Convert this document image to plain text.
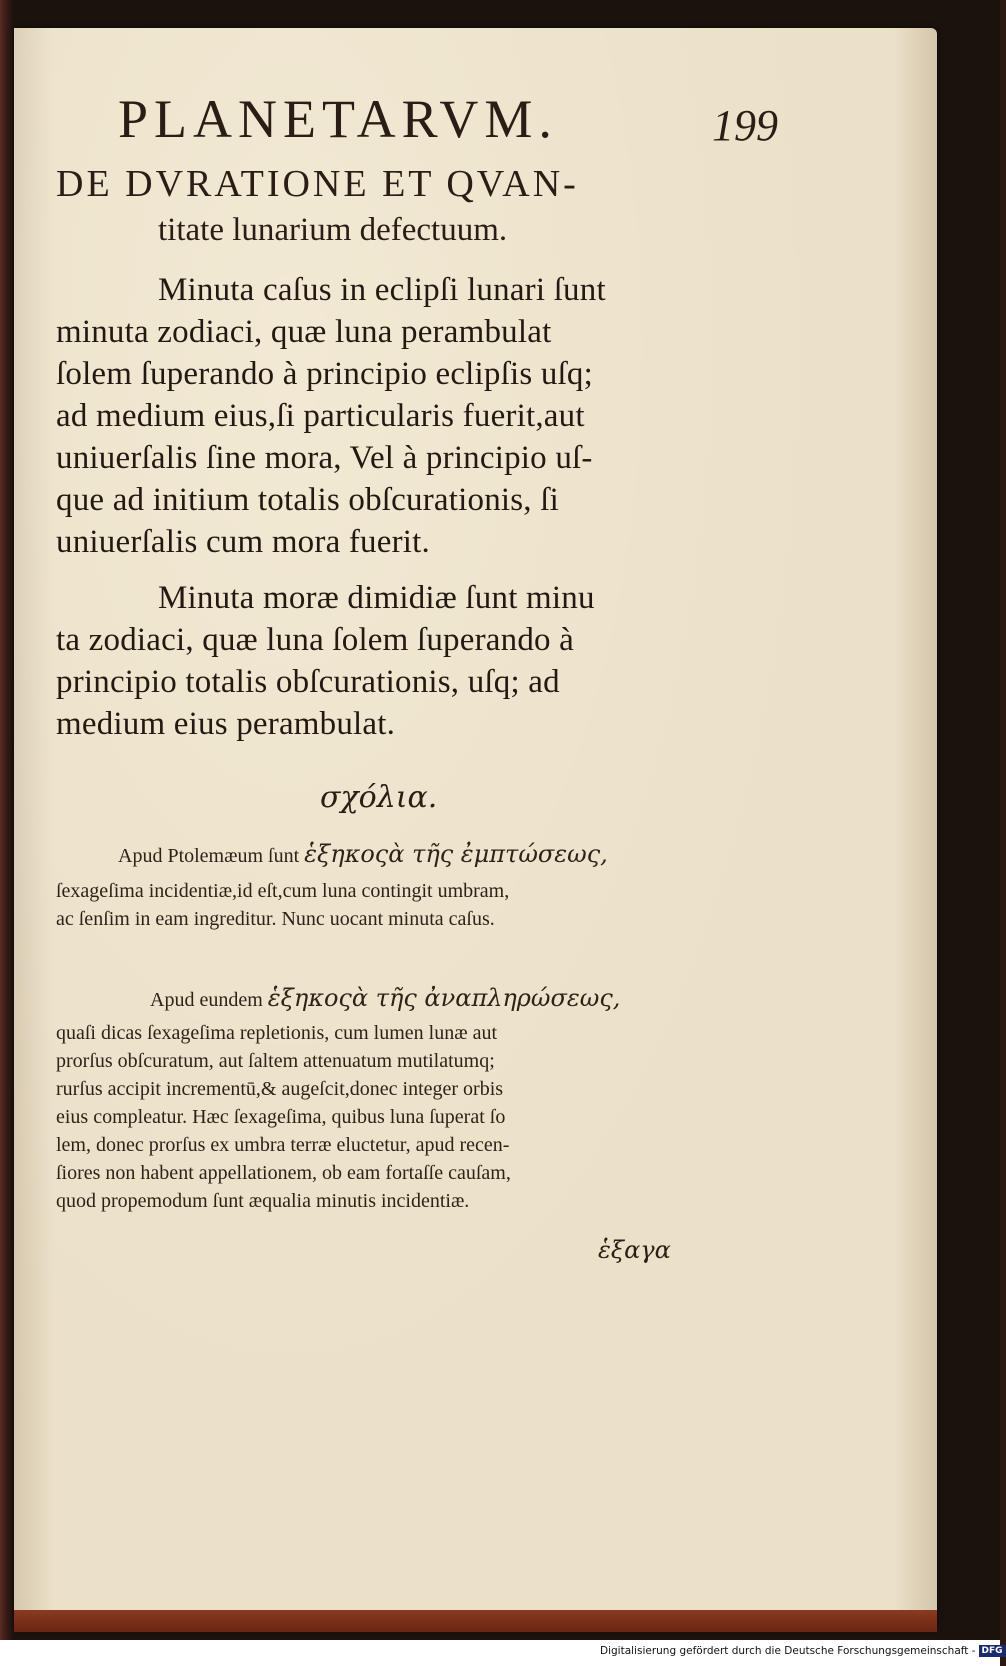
PLANETARVM.	199
DE DVRATIONE ET QVAN-
titate lunarium defectuum.
Minuta caſus in eclipſi lunari ſunt
minuta zodiaci, quæ luna perambulat
ſolem ſuperando à principio eclipſis uſq;
ad medium eius,ſi particularis fuerit,aut
uniuerſalis ſine mora, Vel à principio uſ-
que ad initium totalis obſcurationis, ſi
uniuerſalis cum mora fuerit.
Minuta moræ dimidiæ ſunt minu
ta zodiaci, quæ luna ſolem ſuperando à
principio totalis obſcurationis, uſq; ad
medium eius perambulat.
σχόλια.
Apud Ptolemæum ſunt ἑξηκοςὰ τῆς ἐμπτώσεως,
ſexageſima incidentiæ,id eſt,cum luna contingit umbram,
ac ſenſim in eam ingreditur. Nunc uocant minuta caſus.
Apud eundem ἑξηκοςὰ τῆς ἀναπληρώσεως,
quaſi dicas ſexageſima repletionis, cum lumen lunæ aut
prorſus obſcuratum, aut ſaltem attenuatum mutilatumq;
rurſus accipit incrementū,& augeſcit,donec integer orbis
eius compleatur. Hæc ſexageſima, quibus luna ſuperat ſo
lem, donec prorſus ex umbra terræ eluctetur, apud recen-
ſiores non habent appellationem, ob eam fortaſſe cauſam,
quod propemodum ſunt æqualia minutis incidentiæ.
ἑξαγα
Digitalisierung gefördert durch die Deutsche Forschungsgemeinschaft - DFG
